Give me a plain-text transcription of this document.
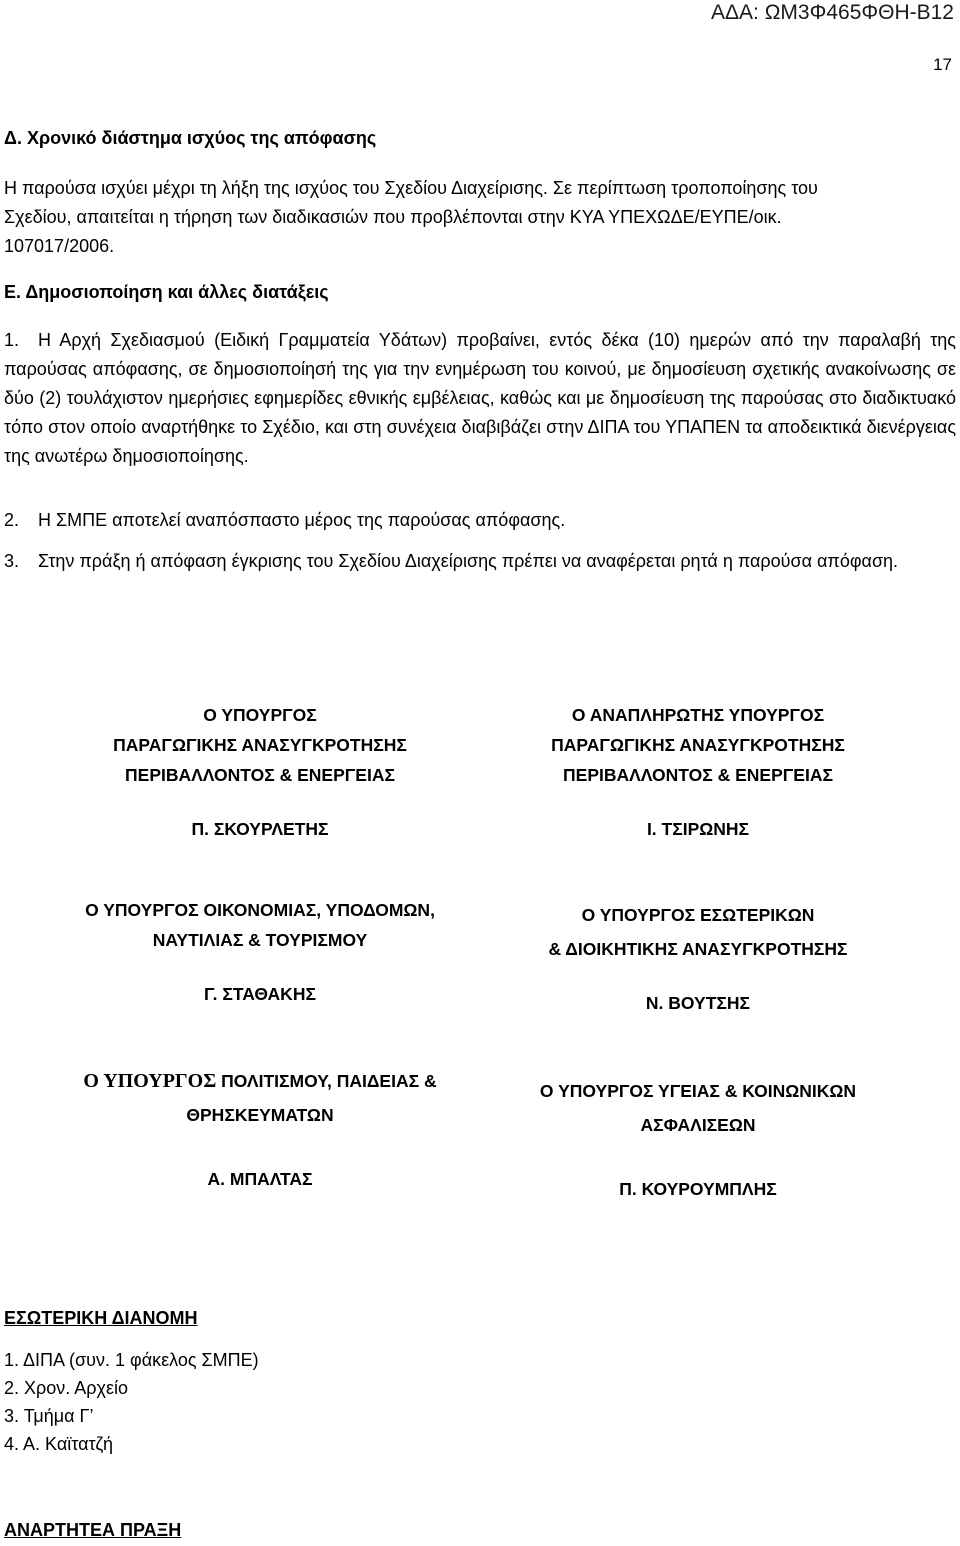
ΑΔΑ: ΩΜ3Φ465ΦΘΗ-Β12
17
Δ. Χρονικό διάστημα ισχύος της απόφασης
Η παρούσα ισχύει μέχρι τη λήξη της ισχύος του Σχεδίου Διαχείρισης. Σε περίπτωση τροποποίησης του
Σχεδίου, απαιτείται η τήρηση των διαδικασιών που προβλέπονται στην ΚΥΑ ΥΠΕΧΩΔΕ/ΕΥΠΕ/οικ.
107017/2006.
Ε. Δημοσιοποίηση και άλλες διατάξεις
1.	Η Αρχή Σχεδιασμού (Ειδική Γραμματεία Υδάτων) προβαίνει, εντός δέκα (10) ημερών από την παραλαβή της παρούσας απόφασης, σε δημοσιοποίησή της για την ενημέρωση του κοινού, με δημοσίευση σχετικής ανακοίνωσης σε δύο (2) τουλάχιστον ημερήσιες εφημερίδες εθνικής εμβέλειας, καθώς και με δημοσίευση της παρούσας στο διαδικτυακό τόπο στον οποίο αναρτήθηκε το Σχέδιο, και στη συνέχεια διαβιβάζει στην ΔΙΠΑ του ΥΠΑΠΕΝ τα αποδεικτικά διενέργειας της ανωτέρω δημοσιοποίησης.
2. Η ΣΜΠΕ αποτελεί αναπόσπαστο μέρος της παρούσας απόφασης.
3. Στην πράξη ή απόφαση έγκρισης του Σχεδίου Διαχείρισης πρέπει να αναφέρεται ρητά η παρούσα απόφαση.
Ο ΥΠΟΥΡΓΟΣ
ΠΑΡΑΓΩΓΙΚΗΣ ΑΝΑΣΥΓΚΡΟΤΗΣΗΣ
ΠΕΡΙΒΑΛΛΟΝΤΟΣ & ΕΝΕΡΓΕΙΑΣ
Π. ΣΚΟΥΡΛΕΤΗΣ
Ο ΑΝΑΠΛΗΡΩΤΗΣ ΥΠΟΥΡΓΟΣ
ΠΑΡΑΓΩΓΙΚΗΣ ΑΝΑΣΥΓΚΡΟΤΗΣΗΣ
ΠΕΡΙΒΑΛΛΟΝΤΟΣ & ΕΝΕΡΓΕΙΑΣ
Ι. ΤΣΙΡΩΝΗΣ
Ο ΥΠΟΥΡΓΟΣ ΟΙΚΟΝΟΜΙΑΣ, ΥΠΟΔΟΜΩΝ,
ΝΑΥΤΙΛΙΑΣ & ΤΟΥΡΙΣΜΟΥ
Γ. ΣΤΑΘΑΚΗΣ
Ο ΥΠΟΥΡΓΟΣ ΕΣΩΤΕΡΙΚΩΝ
& ΔΙΟΙΚΗΤΙΚΗΣ ΑΝΑΣΥΓΚΡΟΤΗΣΗΣ
Ν. ΒΟΥΤΣΗΣ
Ο ΥΠΟΥΡΓΟΣ ΠΟΛΙΤΙΣΜΟΥ, ΠΑΙΔΕΙΑΣ &
ΘΡΗΣΚΕΥΜΑΤΩΝ
Α. ΜΠΑΛΤΑΣ
Ο ΥΠΟΥΡΓΟΣ ΥΓΕΙΑΣ & ΚΟΙΝΩΝΙΚΩΝ
ΑΣΦΑΛΙΣΕΩΝ
Π. ΚΟΥΡΟΥΜΠΛΗΣ
ΕΣΩΤΕΡΙΚΗ ΔΙΑΝΟΜΗ
1. ΔΙΠΑ (συν. 1 φάκελος ΣΜΠΕ)
2. Χρον. Αρχείο
3. Τμήμα Γ’
4. Α. Καϊτατζή
ΑΝΑΡΤΗΤΕΑ ΠΡΑΞΗ
